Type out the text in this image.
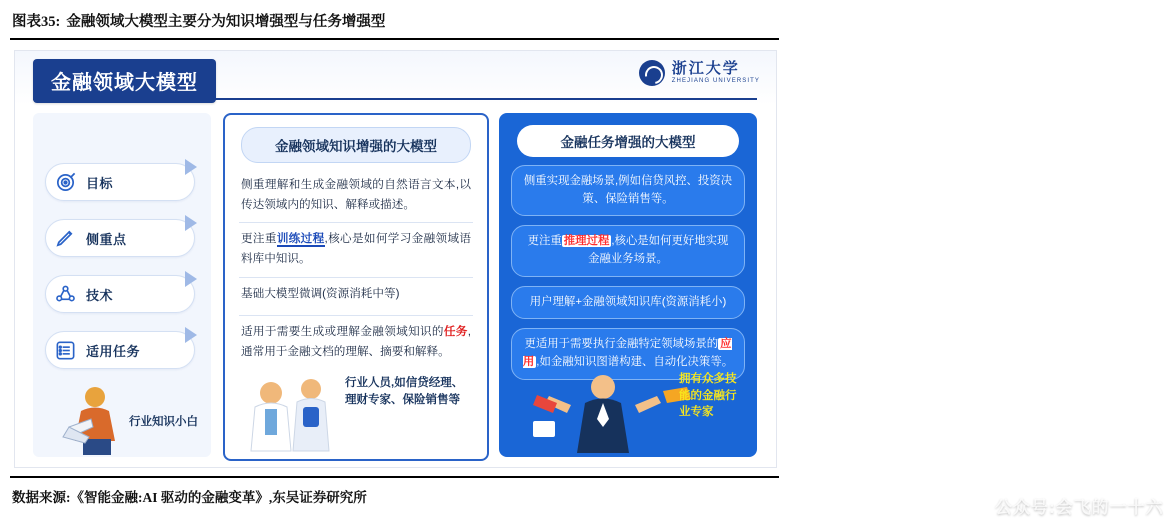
图表35: 金融领域大模型主要分为知识增强型与任务增强型
金融领域大模型
浙江大学
ZHEJIANG UNIVERSITY
目标
侧重点
技术
适用任务
行业知识小白
金融领域知识增强的大模型
侧重理解和生成金融领域的自然语言文本,以传达领域内的知识、解释或描述。
更注重训练过程,核心是如何学习金融领域语料库中知识。
基础大模型微调(资源消耗中等)
适用于需要生成或理解金融领域知识的任务,通常用于金融文档的理解、摘要和解释。
行业人员,如信贷经理、理财专家、保险销售等
金融任务增强的大模型
侧重实现金融场景,例如信贷风控、投资决策、保险销售等。
更注重 推理过程 ,核心是如何更好地实现金融业务场景。
用户理解+金融领域知识库(资源消耗小)
更适用于需要执行金融特定领域场景的 应用 ,如金融知识图谱构建、自动化决策等。
拥有众多技能的金融行业专家
公众号:会飞的一十六
数据来源:《智能金融:AI 驱动的金融变革》,东吴证券研究所
